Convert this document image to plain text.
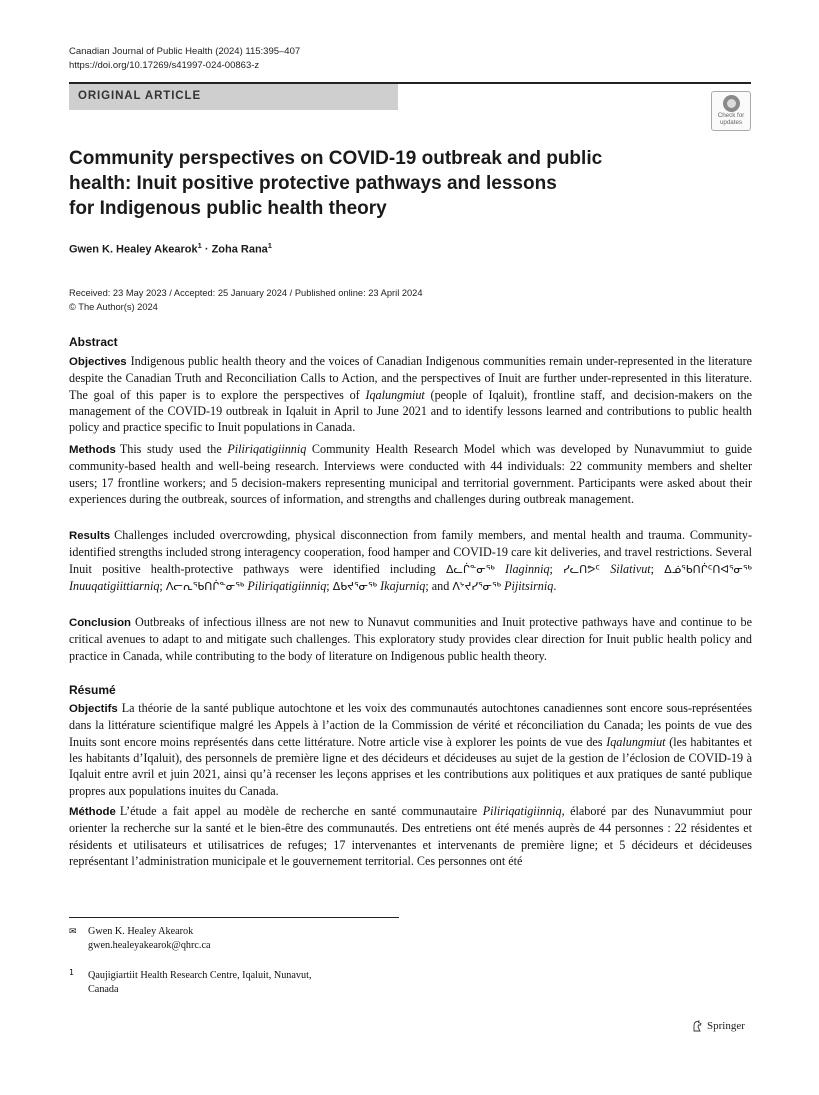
Canadian Journal of Public Health (2024) 115:395–407
https://doi.org/10.17269/s41997-024-00863-z
ORIGINAL ARTICLE
Check for updates
Community perspectives on COVID-19 outbreak and public
health: Inuit positive protective pathways and lessons
for Indigenous public health theory
Gwen K. Healey Akearok$^1$ · Zoha Rana$^1$
Received: 23 May 2023 / Accepted: 25 January 2024 / Published online: 23 April 2024
© The Author(s) 2024
Abstract
Objectives Indigenous public health theory and the voices of Canadian Indigenous communities remain under-represented in the literature despite the Canadian Truth and Reconciliation Calls to Action, and the perspectives of Inuit are further under-represented in this literature. The goal of this paper is to explore the perspectives of Iqalungmiut (people of Iqaluit), frontline staff, and decision-makers on the management of the COVID-19 outbreak in Iqaluit in April to June 2021 and to identify lessons learned and contributions to public health policy and practice specific to Inuit populations in Canada.
Methods This study used the Piliriqatigiinniq Community Health Research Model which was developed by Nunavummiut to guide community-based health and well-being research. Interviews were conducted with 44 individuals: 22 community members and shelter users; 17 frontline workers; and 5 decision-makers representing municipal and territorial government. Participants were asked about their experiences during the outbreak, sources of information, and strengths and challenges during outbreak management.
Results Challenges included overcrowding, physical disconnection from family members, and mental health and trauma. Community-identified strengths included strong interagency cooperation, food hamper and COVID-19 care kit deliveries, and travel restrictions. Several Inuit positive health-protective pathways were identified including ᐃᓚᒌᓐᓂᖅ Ilaginniq; ᓯᓚᑎᕗᑦ Silativut; ᐃᓅᖃᑎᒌᑦᑎᐊᕐᓂᖅ Inuuqatigiittiarniq; ᐱᓕᕆᖃᑎᒌᓐᓂᖅ Piliriqatigiinniq; ᐃᑲᔪᕐᓂᖅ Ikajurniq; and ᐱᔾᔪᓯᕐᓂᖅ Pijitsirniq.
Conclusion Outbreaks of infectious illness are not new to Nunavut communities and Inuit protective pathways have and continue to be critical avenues to adapt to and mitigate such challenges. This exploratory study provides clear direction for Inuit public health policy and practice in Canada, while contributing to the body of literature on Indigenous public health theory.
Résumé
Objectifs La théorie de la santé publique autochtone et les voix des communautés autochtones canadiennes sont encore sous-représentées dans la littérature scientifique malgré les Appels à l’action de la Commission de vérité et réconciliation du Canada; les points de vue des Inuits sont encore moins représentés dans cette littérature. Notre article vise à explorer les points de vue des Iqalungmiut (les habitantes et les habitants d’Iqaluit), des personnels de première ligne et des décideurs et décideuses au sujet de la gestion de l’éclosion de COVID-19 à Iqaluit entre avril et juin 2021, ainsi qu’à recenser les leçons apprises et les contributions aux politiques et aux pratiques de santé publique propres aux populations inuites du Canada.
Méthode L’étude a fait appel au modèle de recherche en santé communautaire Piliriqatigiinniq, élaboré par des Nunavummiut pour orienter la recherche sur la santé et le bien-être des communautés. Des entretiens ont été menés auprès de 44 personnes : 22 résidentes et résidents et utilisateurs et utilisatrices de refuges; 17 intervenantes et intervenants de première ligne; et 5 décideurs et décideuses représentant l’administration municipale et le gouvernement territorial. Ces personnes ont été
✉ Gwen K. Healey Akearok
gwen.healeyakearok@qhrc.ca
1 Qaujigiartiit Health Research Centre, Iqaluit, Nunavut,
Canada
Springer
